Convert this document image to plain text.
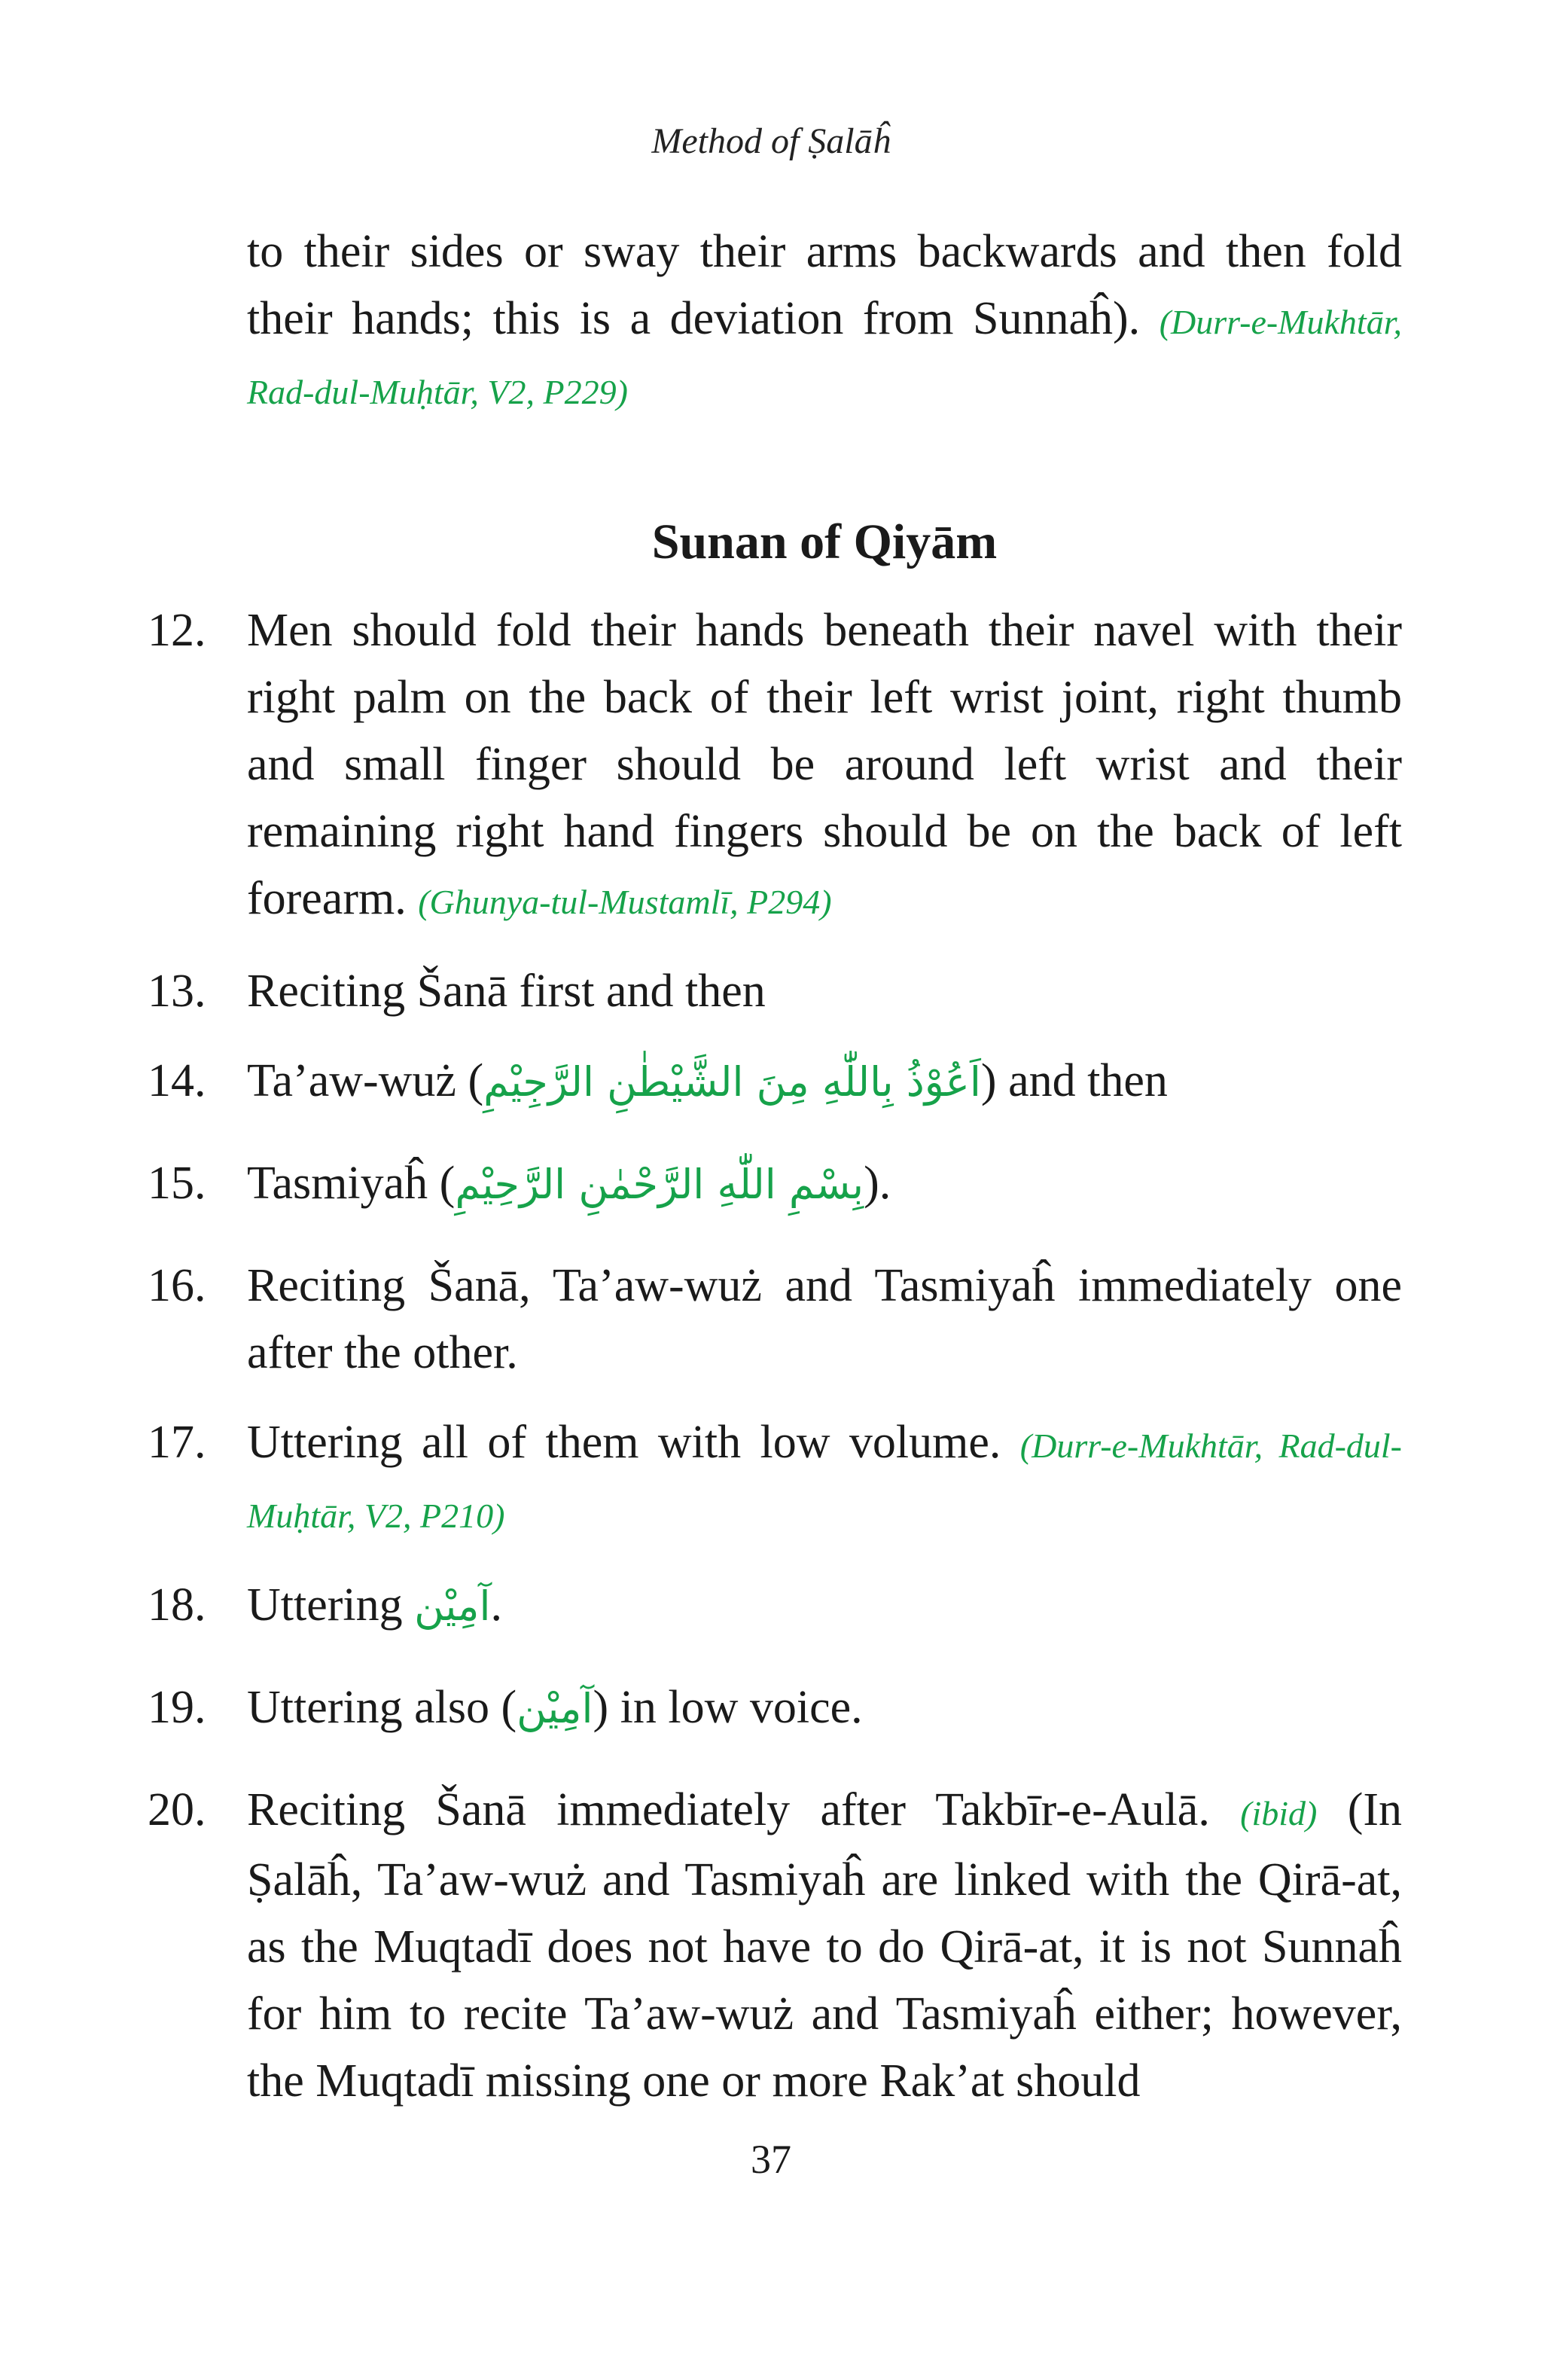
Method of Ṣalāĥ

to their sides or sway their arms backwards and then fold their hands; this is a deviation from Sunnaĥ). (Durr-e-Mukhtār, Rad-dul-Muḥtār, V2, P229)

Sunan of Qiyām
12. Men should fold their hands beneath their navel with their right palm on the back of their left wrist joint, right thumb and small finger should be around left wrist and their remaining right hand fingers should be on the back of left forearm. (Ghunya-tul-Mustamlī, P294)
13. Reciting Šanā first and then
14. Ta’aw-wuż (اَعُوْذُ بِاللّٰهِ مِنَ الشَّيْطٰنِ الرَّجِيْمِ) and then
15. Tasmiyaĥ (بِسْمِ اللّٰهِ الرَّحْمٰنِ الرَّحِيْمِ).
16. Reciting Šanā, Ta’aw-wuż and Tasmiyaĥ immediately one after the other.
17. Uttering all of them with low volume. (Durr-e-Mukhtār, Rad-dul-Muḥtār, V2, P210)
18. Uttering آمِيْن.
19. Uttering also (آمِيْن) in low voice.
20. Reciting Šanā immediately after Takbīr-e-Aulā. (ibid) (In Ṣalāĥ, Ta’aw-wuż and Tasmiyaĥ are linked with the Qirā-at, as the Muqtadī does not have to do Qirā-at, it is not Sunnaĥ for him to recite Ta’aw-wuż and Tasmiyaĥ either; however, the Muqtadī missing one or more Rak’at should
37
